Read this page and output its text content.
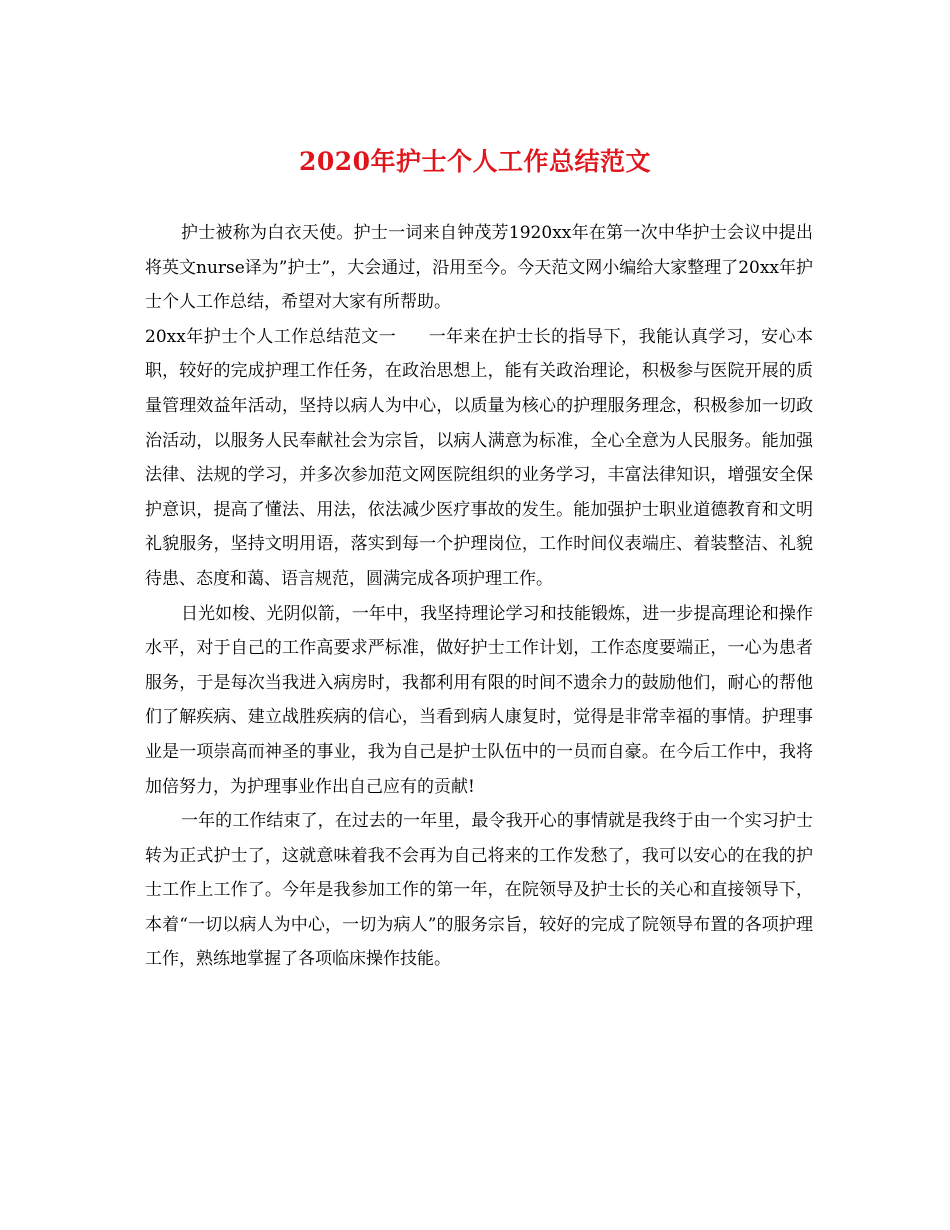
2020年护士个人工作总结范文

护士被称为白衣天使。护士一词来自钟茂芳1920xx年在第一次中华护士会议中提出将英文nurse译为”护士”，大会通过，沿用至今。今天范文网小编给大家整理了20xx年护士个人工作总结，希望对大家有所帮助。

20xx年护士个人工作总结范文一 一年来在护士长的指导下，我能认真学习，安心本职，较好的完成护理工作任务，在政治思想上，能有关政治理论，积极参与医院开展的质量管理效益年活动，坚持以病人为中心，以质量为核心的护理服务理念，积极参加一切政治活动，以服务人民奉献社会为宗旨，以病人满意为标准，全心全意为人民服务。能加强法律、法规的学习，并多次参加范文网医院组织的业务学习，丰富法律知识，增强安全保护意识，提高了懂法、用法，依法减少医疗事故的发生。能加强护士职业道德教育和文明礼貌服务，坚持文明用语，落实到每一个护理岗位，工作时间仪表端庄、着装整洁、礼貌待患、态度和蔼、语言规范，圆满完成各项护理工作。

日光如梭、光阴似箭，一年中，我坚持理论学习和技能锻炼，进一步提高理论和操作水平，对于自己的工作高要求严标准，做好护士工作计划，工作态度要端正，一心为患者服务，于是每次当我进入病房时，我都利用有限的时间不遗余力的鼓励他们，耐心的帮他们了解疾病、建立战胜疾病的信心，当看到病人康复时，觉得是非常幸福的事情。护理事业是一项崇高而神圣的事业，我为自己是护士队伍中的一员而自豪。在今后工作中，我将加倍努力，为护理事业作出自己应有的贡献!

一年的工作结束了，在过去的一年里，最令我开心的事情就是我终于由一个实习护士转为正式护士了，这就意味着我不会再为自己将来的工作发愁了，我可以安心的在我的护士工作上工作了。今年是我参加工作的第一年，在院领导及护士长的关心和直接领导下，本着“一切以病人为中心，一切为病人”的服务宗旨，较好的完成了院领导布置的各项护理工作，熟练地掌握了各项临床操作技能。
